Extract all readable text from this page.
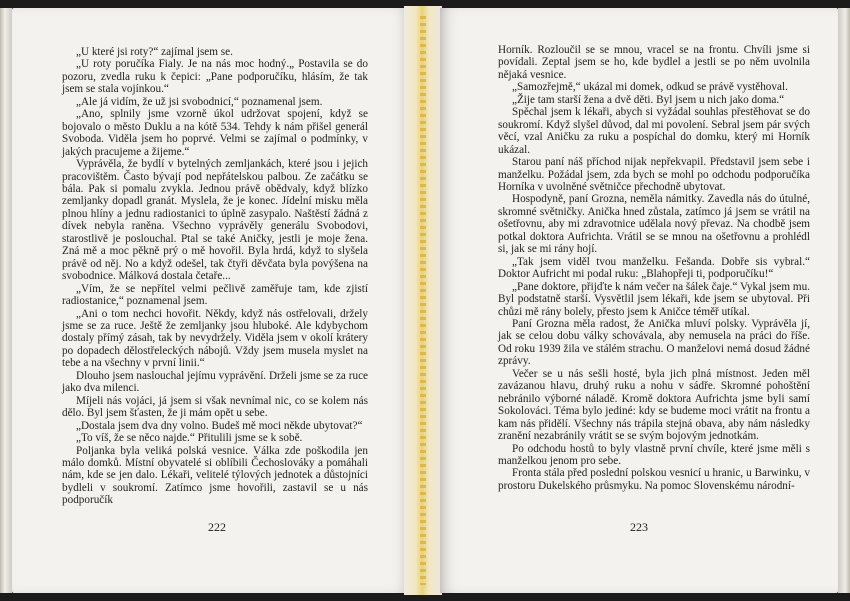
„U které jsi roty?“ zajímal jsem se.

„U roty poručíka Fialy. Je na nás moc hodný.„ Postavila se do pozoru, zvedla ruku k čepici: „Pane podporučíku, hlásím, že tak jsem se stala vojínkou.“

„Ale já vidím, že už jsi svobodnicí,“ poznamenal jsem.

„Ano, splnily jsme vzorně úkol udržovat spojení, když se bojovalo o město Duklu a na kótě 534. Tehdy k nám přišel generál Svoboda. Viděla jsem ho poprvé. Velmi se zajímal o podmínky, v jakých pracujeme a žijeme.“

Vyprávěla, že bydlí v bytelných zemljankách, které jsou i jejich pracovištěm. Často bývají pod nepřátelskou palbou. Ze začátku se bála. Pak si pomalu zvykla. Jednou právě obědvaly, když blízko zemljanky dopadl granát. Myslela, že je konec. Jídelní misku měla plnou hlíny a jednu radiostanici to úplně zasypalo. Naštěstí žádná z dívek nebyla raněna. Všechno vyprávěly generálu Svobodovi, starostlivě je poslouchal. Ptal se také Aničky, jestli je moje žena. Zná mě a moc pěkně prý o mě hovořil. Byla hrdá, když to slyšela právě od něj. No a když odešel, tak čtyři děvčata byla povýšena na svobodnice. Málková dostala četaře...

„Vím, že se nepřítel velmi pečlivě zaměřuje tam, kde zjistí radiostanice,“ poznamenal jsem.

„Ani o tom nechci hovořit. Někdy, když nás ostřelovali, držely jsme se za ruce. Ještě že zemljanky jsou hluboké. Ale kdybychom dostaly přímý zásah, tak by nevydržely. Viděla jsem v okolí krátery po dopadech dělostřeleckých nábojů. Vždy jsem musela myslet na tebe a na všechny v první linii.“

Dlouho jsem naslouchal jejímu vyprávění. Drželi jsme se za ruce jako dva milenci.

Míjeli nás vojáci, já jsem si však nevnímal nic, co se kolem nás dělo. Byl jsem šťasten, že ji mám opět u sebe.

„Dostala jsem dva dny volno. Budeš mě moci někde ubytovat?“

„To víš, že se něco najde.“ Přitulili jsme se k sobě.

Poljanka byla veliká polská vesnice. Válka zde poškodila jen málo domků. Místní obyvatelé si oblíbili Čechoslováky a pomáhali nám, kde se jen dalo. Lékaři, velitelé týlových jednotek a důstojníci bydleli v soukromí. Zatímco jsme hovořili, zastavil se u nás podporučík

222

Horník. Rozloučil se se mnou, vracel se na frontu. Chvíli jsme si povídali. Zeptal jsem se ho, kde bydlel a jestli se po něm uvolnila nějaká vesnice.

„Samozřejmě,“ ukázal mi domek, odkud se právě vystěhoval.

„Žije tam starší žena a dvě děti. Byl jsem u nich jako doma.“

Spěchal jsem k lékaři, abych si vyžádal souhlas přestěhovat se do soukromí. Když slyšel důvod, dal mi povolení. Sebral jsem pár svých věcí, vzal Aničku za ruku a pospíchal do domku, který mi Horník ukázal.

Starou paní náš příchod nijak nepřekvapil. Představil jsem sebe i manželku. Požádal jsem, zda bych se mohl po odchodu podporučíka Horníka v uvolněné světničce přechodně ubytovat.

Hospodyně, paní Grozna, neměla námitky. Zavedla nás do útulné, skromné světničky. Anička hned zůstala, zatímco já jsem se vrátil na ošetřovnu, aby mi zdravotnice udělala nový převaz. Na chodbě jsem potkal doktora Aufrichta. Vrátil se se mnou na ošetřovnu a prohlédl si, jak se mi rány hojí.

„Tak jsem viděl tvou manželku. Fešanda. Dobře sis vybral.“ Doktor Aufricht mi podal ruku: „Blahopřeji ti, podporučíku!“

„Pane doktore, přijďte k nám večer na šálek čaje.“ Vykal jsem mu. Byl podstatně starší. Vysvětlil jsem lékaři, kde jsem se ubytoval. Při chůzi mě rány bolely, přesto jsem k Aničce téměř utíkal.

Paní Grozna měla radost, že Anička mluví polsky. Vyprávěla jí, jak se celou dobu války schovávala, aby nemusela na práci do říše. Od roku 1939 žila ve stálém strachu. O manželovi nemá dosud žádné zprávy.

Večer se u nás sešli hosté, byla jich plná místnost. Jeden měl zavázanou hlavu, druhý ruku a nohu v sádře. Skromné pohoštění nebránilo výborné náladě. Kromě doktora Aufrichta jsme byli samí Sokolováci. Téma bylo jediné: kdy se budeme moci vrátit na frontu a kam nás přidělí. Všechny nás trápila stejná obava, aby nám následky zranění nezabránily vrátit se se svým bojovým jednotkám.

Po odchodu hostů to byly vlastně první chvíle, které jsme měli s manželkou jenom pro sebe.

Fronta stála před poslední polskou vesnicí u hranic, u Barwinku, v prostoru Dukelského průsmyku. Na pomoc Slovenskému národní-

223
